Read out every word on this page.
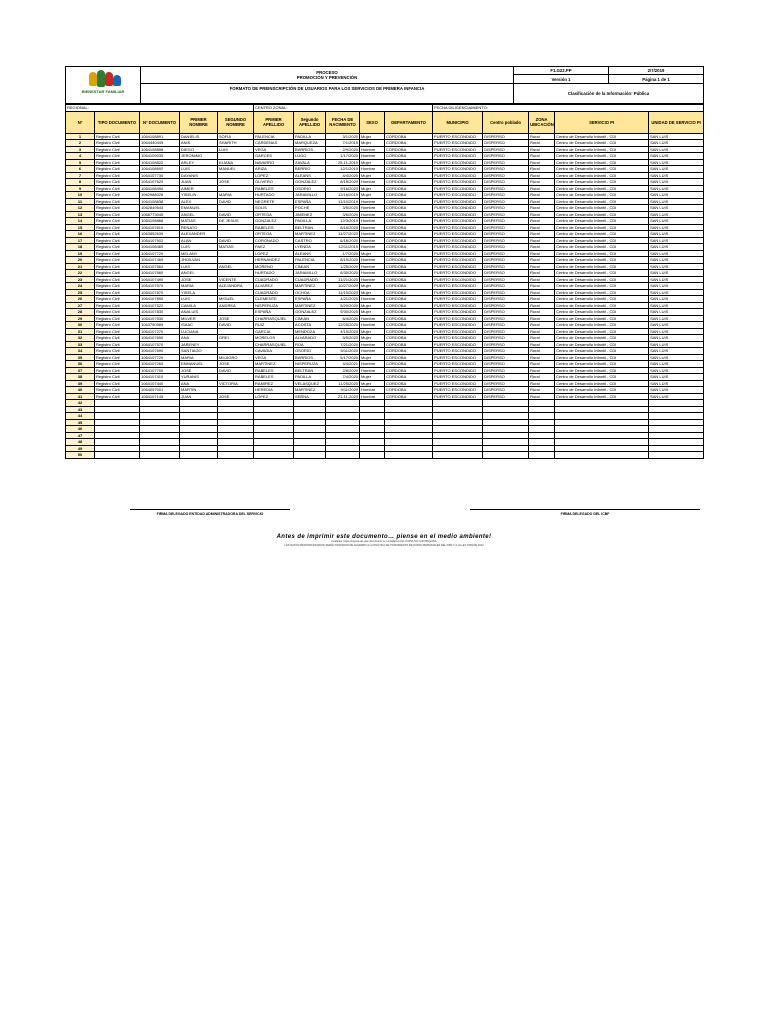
BIENESTAR FAMILIAR	PROCESO
PROMOCIÓN Y PREVENCIÓN	F1.G22.PP	2/7/2019
		Versión 1	Página 1 de 1
	FORMATO DE PREINSCRIPCIÓN DE USUARIOS PARA LOS SERVICIOS DE PRIMERA INFANCIA	Clasificación de la Información: Pública	

REGIONAL:					CENTRO ZONAL:					FECHA DILIGENCIAMIENTO:				
Nº	TIPO DOCUMENTO	Nº DOCUMENTO	PRIMER NOMBRE	SEGUNDO NOMBRE	PRIMER APELLIDO	Segundo APELLIDO	FECHA DE NACIMIENTO	SEXO	DEPARTAMENTO	MUNICIPIO	Centro poblado	ZONA UBICACIÓN	SERVICIO PI	UNIDAD DE SERVICIO PI
1	Registro Civil	1064108891	DANIELIS	SOFIA	PALENCIA	PADILLA	3/1/2020	Mujer	CORDOBA	PUERTO ESCONDIDO	DISPERSO	Rural	Centro de Desarrollo Infantil - CDI	SAN LUIS
2	Registro Civil	1064440449	ANIS	SHARITH	CARDENAS	MARQUEZA	7/1/2019	Mujer	CORDOBA	PUERTO ESCONDIDO	DISPERSO	Rural	Centro de Desarrollo Infantil - CDI	SAN LUIS
3	Registro Civil	1064108898	DIEGO	LUIS	VEGA	BARRIOS	2/9/2020	Hombre	CORDOBA	PUERTO ESCONDIDO	DISPERSO	Rural	Centro de Desarrollo Infantil - CDI	SAN LUIS
4	Registro Civil	1064109035	JERONIMO		GARCES	LUGO	1/17/2020	Hombre	CORDOBA	PUERTO ESCONDIDO	DISPERSO	Rural	Centro de Desarrollo Infantil - CDI	SAN LUIS
5	Registro Civil	1064108822	ARLEY	ELIANA	NAVARRO	ZAVALA	25-11-2019	Mujer	CORDOBA	PUERTO ESCONDIDO	DISPERSO	Rural	Centro de Desarrollo Infantil - CDI	SAN LUIS
6	Registro Civil	1064108692	LUIS	MANUEL	ARIZA	BERRIO	12/1/2019	Hombre	CORDOBA	PUERTO ESCONDIDO	DISPERSO	Rural	Centro de Desarrollo Infantil - CDI	SAN LUIS
7	Registro Civil	1064107730	DAYANIS		LOPEZ	ALEANS	4/4/2020	Mujer	CORDOBA	PUERTO ESCONDIDO	DISPERSO	Rural	Centro de Desarrollo Infantil - CDI	SAN LUIS
8	Registro Civil	1064107620	JUAN	JOSE	OLIVERO	GONZALEZ	8/15/2020	Hombre	CORDOBA	PUERTO ESCONDIDO	DISPERSO	Rural	Centro de Desarrollo Infantil - CDI	SAN LUIS
9	Registro Civil	1064108490	AIMER		RABELES	OSORIO	9/16/2020	Mujer	CORDOBA	PUERTO ESCONDIDO	DISPERSO	Rural	Centro de Desarrollo Infantil - CDI	SAN LUIS
10	Registro Civil	1062988026	YISELIN	MARIA	HURTADO	JARAMILLO	12/16/2019	Mujer	CORDOBA	PUERTO ESCONDIDO	DISPERSO	Rural	Centro de Desarrollo Infantil - CDI	SAN LUIS
11	Registro Civil	1064108838	ALEX	DAVID	NEGRETE	ESPAÑA	11/10/2019	Hombre	CORDOBA	PUERTO ESCONDIDO	DISPERSO	Rural	Centro de Desarrollo Infantil - CDI	SAN LUIS
12	Registro Civil	1062849544	EMANUEL		SOLIS	POCHE	3/5/2020	Hombre	CORDOBA	PUERTO ESCONDIDO	DISPERSO	Rural	Centro de Desarrollo Infantil - CDI	SAN LUIS
13	Registro Civil	1068773045	ANGEL	DAVID	ORTEGA	JIMENEZ	3/6/2020	Hombre	CORDOBA	PUERTO ESCONDIDO	DISPERSO	Rural	Centro de Desarrollo Infantil - CDI	SAN LUIS
14	Registro Civil	1064108868	MATIAS	DE JESUS	GONZALEZ	PADILLA	12/3/2019	Hombre	CORDOBA	PUERTO ESCONDIDO	DISPERSO	Rural	Centro de Desarrollo Infantil - CDI	SAN LUIS
15	Registro Civil	1064107610	RENATO		RABELES	BELTRAN	8/16/2020	Hombre	CORDOBA	PUERTO ESCONDIDO	DISPERSO	Rural	Centro de Desarrollo Infantil - CDI	SAN LUIS
16	Registro Civil	1063852639	ALEXANDER		ORTEGA	MARTINEZ	11/27/2020	Hombre	CORDOBA	PUERTO ESCONDIDO	DISPERSO	Rural	Centro de Desarrollo Infantil - CDI	SAN LUIS
17	Registro Civil	1064107902	ALAN	DAVID	CORONADO	CASTRO	6/16/2020	Hombre	CORDOBA	PUERTO ESCONDIDO	DISPERSO	Rural	Centro de Desarrollo Infantil - CDI	SAN LUIS
18	Registro Civil	1064108469	LUIS	MATIAS	PAEZ	LYENDA	12/11/2019	Hombre	CORDOBA	PUERTO ESCONDIDO	DISPERSO	Rural	Centro de Desarrollo Infantil - CDI	SAN LUIS
19	Registro Civil	1064107720	MELANY		LOPEZ	ALEANS	1/7/2020	Mujer	CORDOBA	PUERTO ESCONDIDO	DISPERSO	Rural	Centro de Desarrollo Infantil - CDI	SAN LUIS
20	Registro Civil	1064107469	JHOILVAN		HERNANDEZ	PALENCIA	8/15/2020	Hombre	CORDOBA	PUERTO ESCONDIDO	DISPERSO	Rural	Centro de Desarrollo Infantil - CDI	SAN LUIS
21	Registro Civil	1064107564	LUIS	ANGEL	MORENO	CIMIAN	1/25/2020	Hombre	CORDOBA	PUERTO ESCONDIDO	DISPERSO	Rural	Centro de Desarrollo Infantil - CDI	SAN LUIS
22	Registro Civil	1064107860	ANGEL		HURTADO	JARAMILLO	8/30/2020	Hombre	CORDOBA	PUERTO ESCONDIDO	DISPERSO	Rural	Centro de Desarrollo Infantil - CDI	SAN LUIS
23	Registro Civil	1064107490	JOSE	VICENTE	CUADRADO	CUADRADO	11/21/2020	Hombre	CORDOBA	PUERTO ESCONDIDO	DISPERSO	Rural	Centro de Desarrollo Infantil - CDI	SAN LUIS
24	Registro Civil	1064107570	MARIA	ALEJANDRA	ALVAREZ	MARTINEZ	10/27/2020	Mujer	CORDOBA	PUERTO ESCONDIDO	DISPERSO	Rural	Centro de Desarrollo Infantil - CDI	SAN LUIS
25	Registro Civil	1064107870	YISELA		CUADRADO	OCHOA	11/10/2020	Mujer	CORDOBA	PUERTO ESCONDIDO	DISPERSO	Rural	Centro de Desarrollo Infantil - CDI	SAN LUIS
26	Registro Civil	1064107890	LUIS	MIGUEL	CLEMENTE	ESPAÑA	4/21/2020	Hombre	CORDOBA	PUERTO ESCONDIDO	DISPERSO	Rural	Centro de Desarrollo Infantil - CDI	SAN LUIS
27	Registro Civil	1064107522	CAMILA	ANDREA	NISPERUZA	MARTINEZ	5/20/2020	Mujer	CORDOBA	PUERTO ESCONDIDO	DISPERSO	Rural	Centro de Desarrollo Infantil - CDI	SAN LUIS
28	Registro Civil	1064107830	ANALUIS		ESPAÑA	GONZALEZ	9/30/2020	Mujer	CORDOBA	PUERTO ESCONDIDO	DISPERSO	Rural	Centro de Desarrollo Infantil - CDI	SAN LUIS
29	Registro Civil	1064107530	MILVER	JOSE	CHARRASQUIEL	CIMIAN	6/4/2020	Hombre	CORDOBA	PUERTO ESCONDIDO	DISPERSO	Rural	Centro de Desarrollo Infantil - CDI	SAN LUIS
30	Registro Civil	1063790589	ISAAC	DAVID	RUIZ	ACOSTA	12/25/2020	Hombre	CORDOBA	PUERTO ESCONDIDO	DISPERSO	Rural	Centro de Desarrollo Infantil - CDI	SAN LUIS
31	Registro Civil	1064107270	LUCIANA		GARCIA	MENDOZA	4/15/2020	Mujer	CORDOBA	PUERTO ESCONDIDO	DISPERSO	Rural	Centro de Desarrollo Infantil - CDI	SAN LUIS
32	Registro Civil	1064107650	ANA	GREI	MORELOS	ALVARADO	5/5/2020	Mujer	CORDOBA	PUERTO ESCONDIDO	DISPERSO	Rural	Centro de Desarrollo Infantil - CDI	SAN LUIS
33	Registro Civil	1064107570	JARENEY		CHARRASQUIEL	ROA	7/21/2020	Hombre	CORDOBA	PUERTO ESCONDIDO	DISPERSO	Rural	Centro de Desarrollo Infantil - CDI	SAN LUIS
34	Registro Civil	1064107690	SANTIAGO		CAVADIA	OSORIO	5/11/2020	Hombre	CORDOBA	PUERTO ESCONDIDO	DISPERSO	Rural	Centro de Desarrollo Infantil - CDI	SAN LUIS
35	Registro Civil	1064107720	MARIA	MILAGRO	VEGA	BARRIOS	5/17/2020	Mujer	CORDOBA	PUERTO ESCONDIDO	DISPERSO	Rural	Centro de Desarrollo Infantil - CDI	SAN LUIS
36	Registro Civil	1064107260	ENMANUEL	JOSE	MARTINEZ	NISPERUZA	4/4/2021	Hombre	CORDOBA	PUERTO ESCONDIDO	DISPERSO	Rural	Centro de Desarrollo Infantil - CDI	SAN LUIS
37	Registro Civil	1064107700	JOSE	DAVID	RABELES	BELTRAN	2/8/2020	Hombre	CORDOBA	PUERTO ESCONDIDO	DISPERSO	Rural	Centro de Desarrollo Infantil - CDI	SAN LUIS
38	Registro Civil	1064107410	YURANIS		RABELES	PADILLA	7/4/2020	Mujer	CORDOBA	PUERTO ESCONDIDO	DISPERSO	Rural	Centro de Desarrollo Infantil - CDI	SAN LUIS
39	Registro Civil	1064107440	ANA	VICTORIA	RAMIREZ	VELASQUEZ	11/25/2020	Mujer	CORDOBA	PUERTO ESCONDIDO	DISPERSO	Rural	Centro de Desarrollo Infantil - CDI	SAN LUIS
40	Registro Civil	1064097001	MARTIN		HEREDIA	MARTINEZ	9/11/2020	Hombre	CORDOBA	PUERTO ESCONDIDO	DISPERSO	Rural	Centro de Desarrollo Infantil - CDI	SAN LUIS
41	Registro Civil	1064107145	JUAN	JOSE	LOPEZ	SERNA	21-11-2020	Hombre	CORDOBA	PUERTO ESCONDIDO	DISPERSO	Rural	Centro de Desarrollo Infantil - CDI	SAN LUIS
42														
43														
44														
45														
46														
47														
48														
49														
50														
FIRMA DELEGADO ENTIDAD ADMINISTRADORA DEL SERVICIO	FIRMA DELEGADO DEL ICBF
Antes de imprimir este documento… piense en el medio ambiente!
Cualquier copia impresa de este documento se considera como COPIA NO CONTROLADA
LOS DATOS PROPORCIONADOS SERÁN TRATADOS DE ACUERDO A LA POLÍTICA DE TRATAMIENTO DE DATOS PERSONALES DEL ICBF Y A LA LEY 1581 DE 2012
